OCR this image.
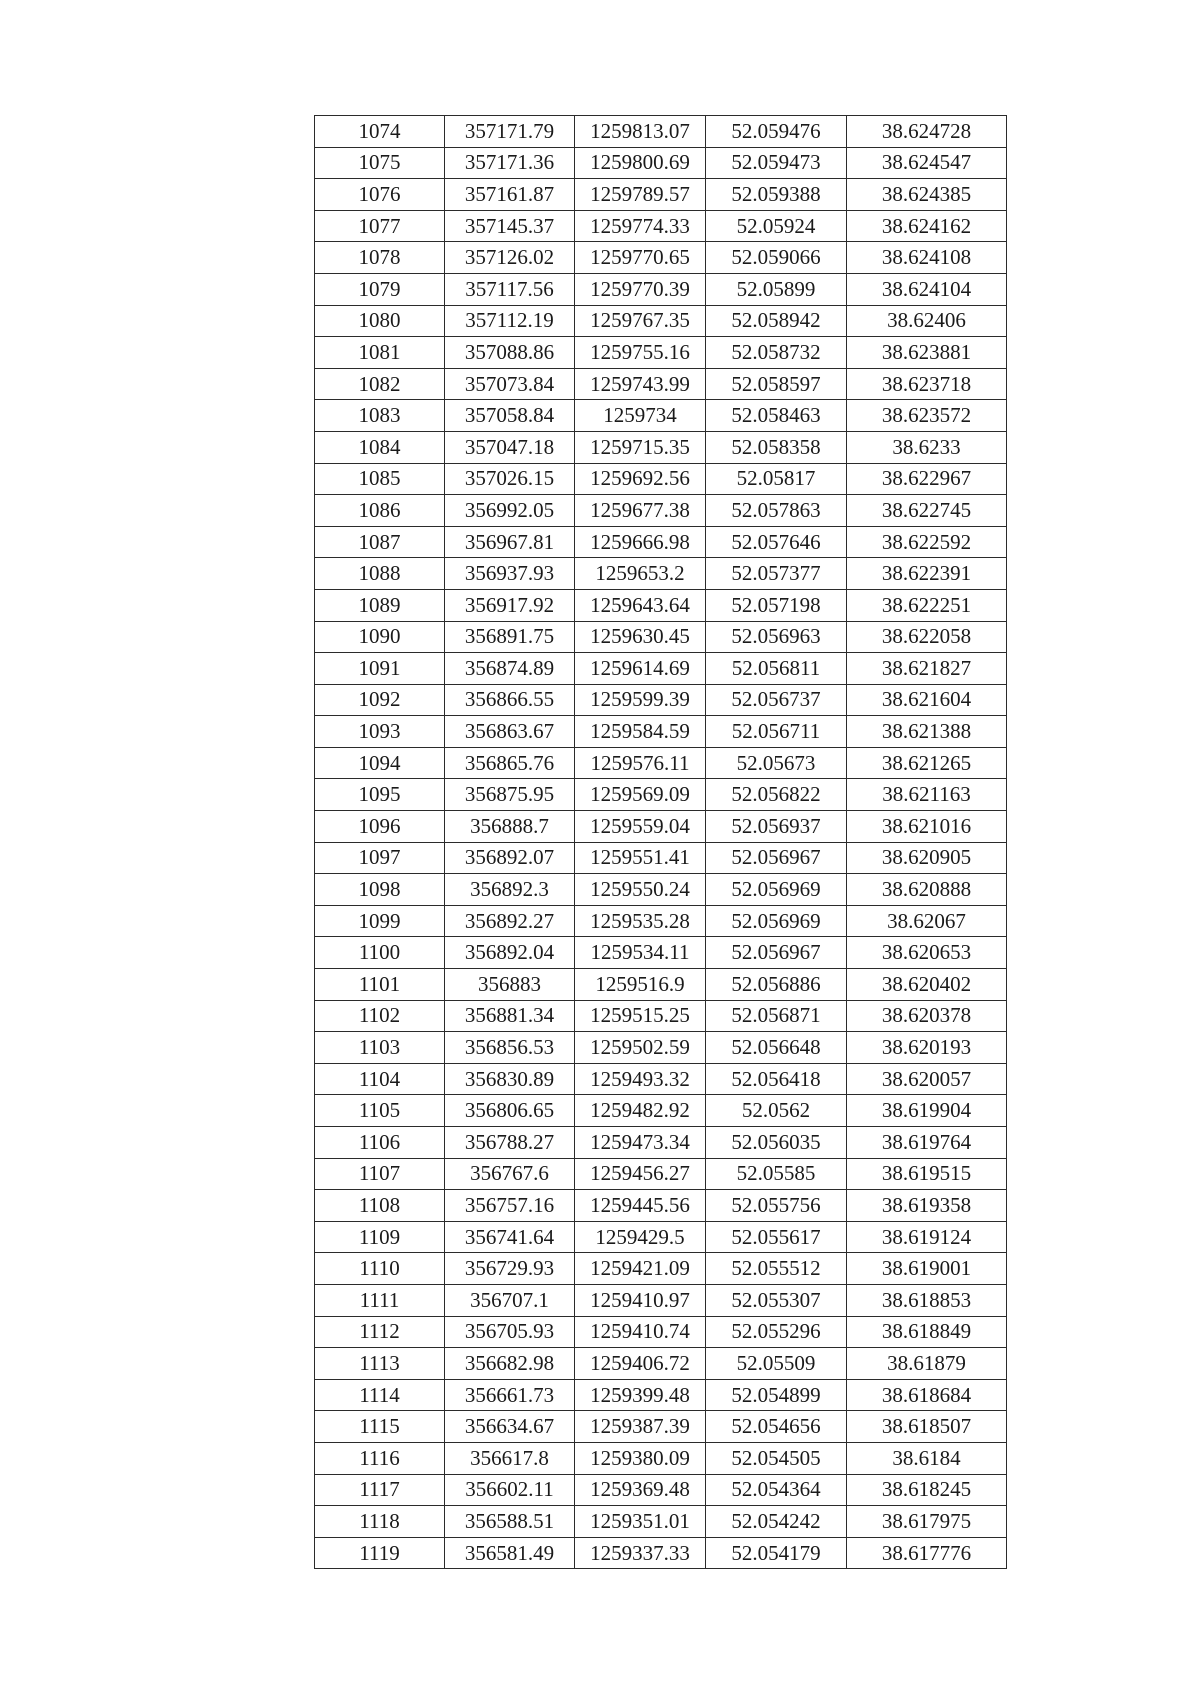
1074	357171.79	1259813.07	52.059476	38.624728
1075	357171.36	1259800.69	52.059473	38.624547
1076	357161.87	1259789.57	52.059388	38.624385
1077	357145.37	1259774.33	52.05924	38.624162
1078	357126.02	1259770.65	52.059066	38.624108
1079	357117.56	1259770.39	52.05899	38.624104
1080	357112.19	1259767.35	52.058942	38.62406
1081	357088.86	1259755.16	52.058732	38.623881
1082	357073.84	1259743.99	52.058597	38.623718
1083	357058.84	1259734	52.058463	38.623572
1084	357047.18	1259715.35	52.058358	38.6233
1085	357026.15	1259692.56	52.05817	38.622967
1086	356992.05	1259677.38	52.057863	38.622745
1087	356967.81	1259666.98	52.057646	38.622592
1088	356937.93	1259653.2	52.057377	38.622391
1089	356917.92	1259643.64	52.057198	38.622251
1090	356891.75	1259630.45	52.056963	38.622058
1091	356874.89	1259614.69	52.056811	38.621827
1092	356866.55	1259599.39	52.056737	38.621604
1093	356863.67	1259584.59	52.056711	38.621388
1094	356865.76	1259576.11	52.05673	38.621265
1095	356875.95	1259569.09	52.056822	38.621163
1096	356888.7	1259559.04	52.056937	38.621016
1097	356892.07	1259551.41	52.056967	38.620905
1098	356892.3	1259550.24	52.056969	38.620888
1099	356892.27	1259535.28	52.056969	38.62067
1100	356892.04	1259534.11	52.056967	38.620653
1101	356883	1259516.9	52.056886	38.620402
1102	356881.34	1259515.25	52.056871	38.620378
1103	356856.53	1259502.59	52.056648	38.620193
1104	356830.89	1259493.32	52.056418	38.620057
1105	356806.65	1259482.92	52.0562	38.619904
1106	356788.27	1259473.34	52.056035	38.619764
1107	356767.6	1259456.27	52.05585	38.619515
1108	356757.16	1259445.56	52.055756	38.619358
1109	356741.64	1259429.5	52.055617	38.619124
1110	356729.93	1259421.09	52.055512	38.619001
1111	356707.1	1259410.97	52.055307	38.618853
1112	356705.93	1259410.74	52.055296	38.618849
1113	356682.98	1259406.72	52.05509	38.61879
1114	356661.73	1259399.48	52.054899	38.618684
1115	356634.67	1259387.39	52.054656	38.618507
1116	356617.8	1259380.09	52.054505	38.6184
1117	356602.11	1259369.48	52.054364	38.618245
1118	356588.51	1259351.01	52.054242	38.617975
1119	356581.49	1259337.33	52.054179	38.617776
